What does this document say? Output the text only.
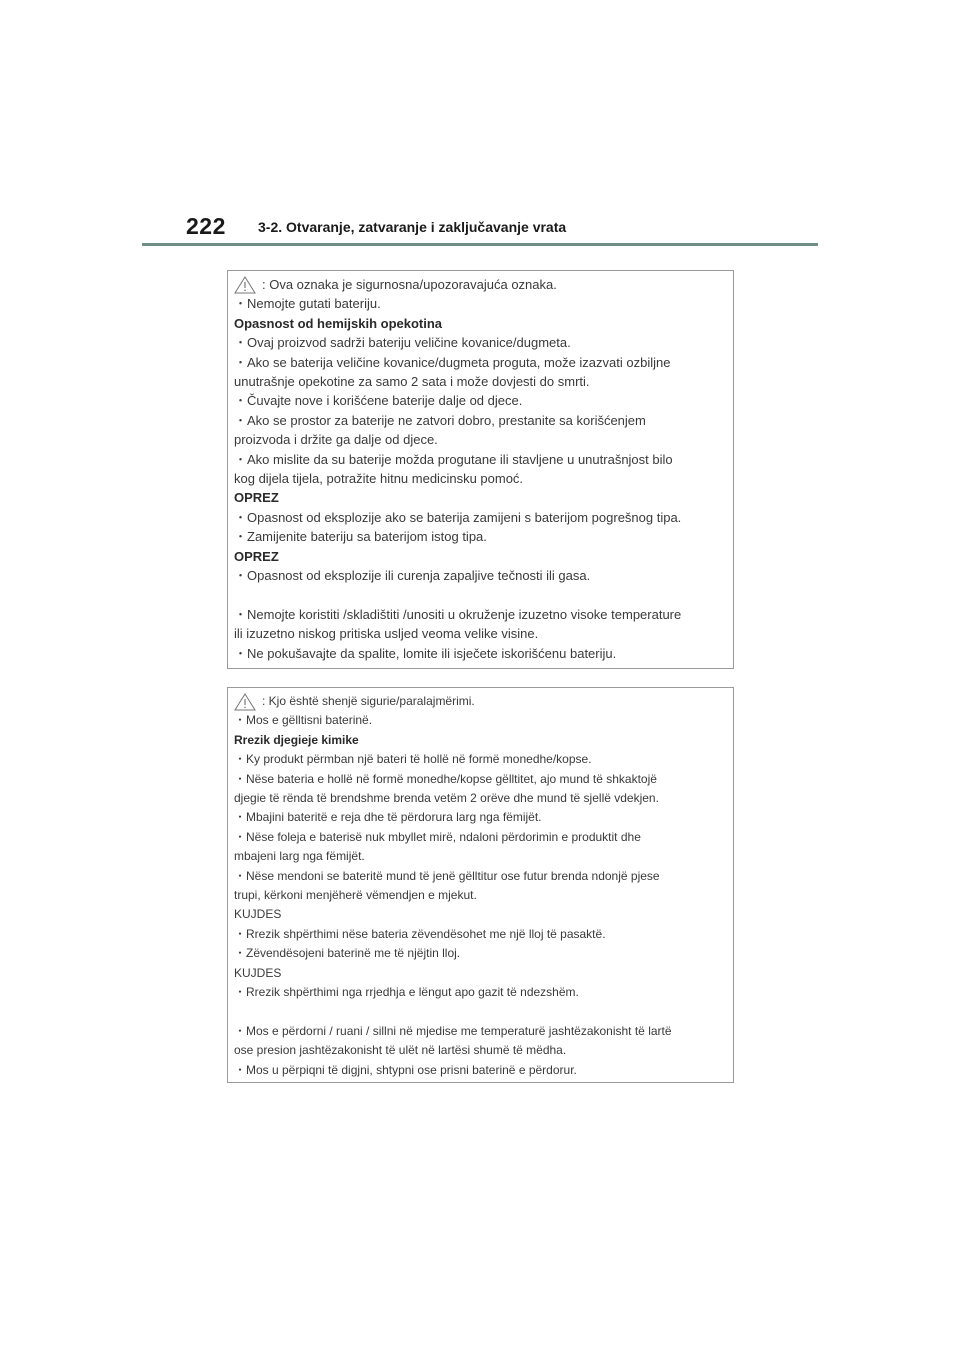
222 3-2. Otvaranje, zatvaranje i zaključavanje vrata
: Ova oznaka je sigurnosna/upozoravajuća oznaka.
・Nemojte gutati bateriju.
Opasnost od hemijskih opekotina
・Ovaj proizvod sadrži bateriju veličine kovanice/dugmeta.
・Ako se baterija veličine kovanice/dugmeta proguta, može izazvati ozbiljne
unutrašnje opekotine za samo 2 sata i može dovjesti do smrti.
・Čuvajte nove i korišćene baterije dalje od djece.
・Ako se prostor za baterije ne zatvori dobro, prestanite sa korišćenjem
proizvoda i držite ga dalje od djece.
・Ako mislite da su baterije možda progutane ili stavljene u unutrašnjost bilo
kog dijela tijela, potražite hitnu medicinsku pomoć.
OPREZ
・Opasnost od eksplozije ako se baterija zamijeni s baterijom pogrešnog tipa.
・Zamijenite bateriju sa baterijom istog tipa.
OPREZ
・Opasnost od eksplozije ili curenja zapaljive tečnosti ili gasa.
・Nemojte koristiti /skladištiti /unositi u okruženje izuzetno visoke temperature
ili izuzetno niskog pritiska usljed veoma velike visine.
・Ne pokušavajte da spalite, lomite ili isječete iskorišćenu bateriju.
: Kjo është shenjë sigurie/paralajmërimi.
・Mos e gëlltisni baterinë.
Rrezik djegieje kimike
・Ky produkt përmban një bateri të hollë në formë monedhe/kopse.
・Nëse bateria e hollë në formë monedhe/kopse gëlltitet, ajo mund të shkaktojë
djegie të rënda të brendshme brenda vetëm 2 orëve dhe mund të sjellë vdekjen.
・Mbajini bateritë e reja dhe të përdorura larg nga fëmijët.
・Nëse foleja e baterisë nuk mbyllet mirë, ndaloni përdorimin e produktit dhe
mbajeni larg nga fëmijët.
・Nëse mendoni se bateritë mund të jenë gëlltitur ose futur brenda ndonjë pjese
trupi, kërkoni menjëherë vëmendjen e mjekut.
KUJDES
・Rrezik shpërthimi nëse bateria zëvendësohet me një lloj të pasaktë.
・Zëvendësojeni baterinë me të njëjtin lloj.
KUJDES
・Rrezik shpërthimi nga rrjedhja e lëngut apo gazit të ndezshëm.
・Mos e përdorni / ruani / sillni në mjedise me temperaturë jashtëzakonisht të lartë
ose presion jashtëzakonisht të ulët në lartësi shumë të mëdha.
・Mos u përpiqni të digjni, shtypni ose prisni baterinë e përdorur.
